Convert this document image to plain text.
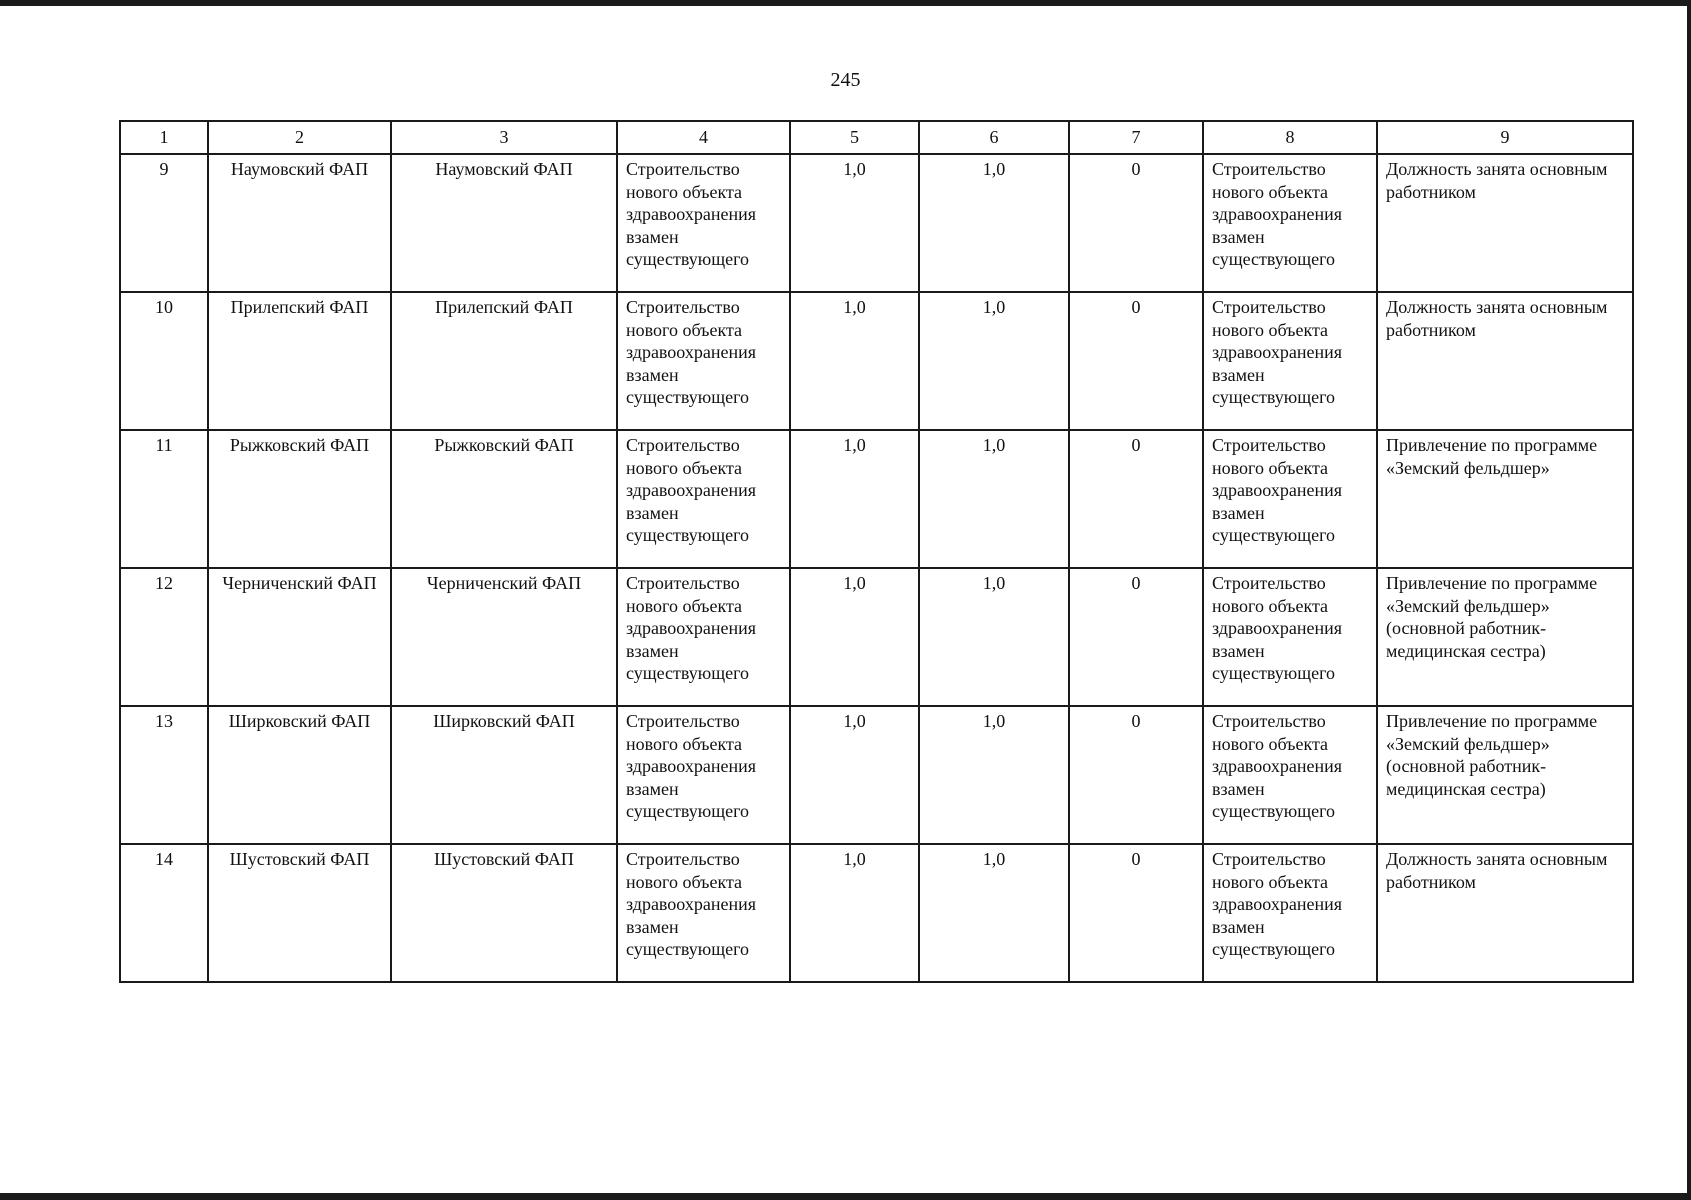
245
1	2	3	4	5	6	7	8	9
9	Наумовский ФАП	Наумовский ФАП	Строительство нового объекта здравоохранения взамен существующего	1,0	1,0	0	Строительство нового объекта здравоохранения взамен существующего	Должность занята основным работником
10	Прилепский ФАП	Прилепский ФАП	Строительство нового объекта здравоохранения взамен существующего	1,0	1,0	0	Строительство нового объекта здравоохранения взамен существующего	Должность занята основным работником
11	Рыжковский ФАП	Рыжковский ФАП	Строительство нового объекта здравоохранения взамен существующего	1,0	1,0	0	Строительство нового объекта здравоохранения взамен существующего	Привлечение по программе «Земский фельдшер»
12	Черниченский ФАП	Черниченский ФАП	Строительство нового объекта здравоохранения взамен существующего	1,0	1,0	0	Строительство нового объекта здравоохранения взамен существующего	Привлечение по программе «Земский фельдшер» (основной работник- медицинская сестра)
13	Ширковский ФАП	Ширковский ФАП	Строительство нового объекта здравоохранения взамен существующего	1,0	1,0	0	Строительство нового объекта здравоохранения взамен существующего	Привлечение по программе «Земский фельдшер» (основной работник- медицинская сестра)
14	Шустовский ФАП	Шустовский ФАП	Строительство нового объекта здравоохранения взамен существующего	1,0	1,0	0	Строительство нового объекта здравоохранения взамен существующего	Должность занята основным работником
